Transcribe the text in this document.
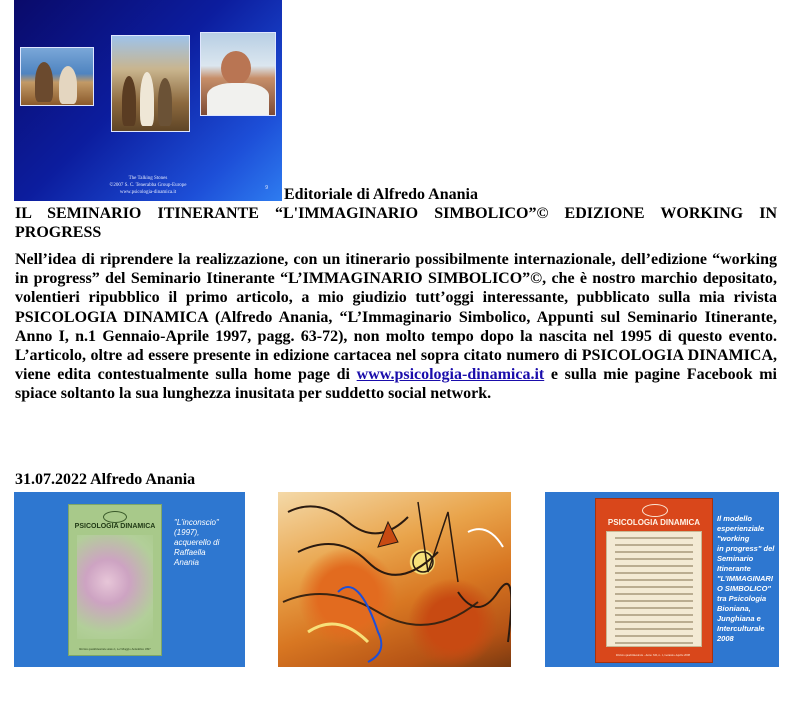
The Talking Stones
©2007 S. C. Tenerabba Group-Europe
www.psicologia-dinamica.it
9 Editoriale di Alfredo Anania
IL SEMINARIO ITINERANTE “L'IMMAGINARIO SIMBOLICO”© EDIZIONE WORKING IN PROGRESS
Nell’idea di riprendere la realizzazione, con un itinerario possibilmente internazionale, dell’edizione “working in progress” del Seminario Itinerante “L’IMMAGINARIO SIMBOLICO”©, che è nostro marchio depositato, volentieri ripubblico il primo articolo, a mio giudizio tutt’oggi interessante, pubblicato sulla mia rivista PSICOLOGIA DINAMICA (Alfredo Anania, “L’Immaginario Simbolico, Appunti sul Seminario Itinerante, Anno I, n.1 Gennaio-Aprile 1997, pagg. 63-72), non molto tempo dopo la nascita nel 1995 di questo evento. L’articolo, oltre ad essere presente in edizione cartacea nel sopra citato numero di PSICOLOGIA DINAMICA, viene edita contestualmente sulla home page di www.psicologia-dinamica.it e sulla mie pagine Facebook mi spiace soltanto la sua lunghezza inusitata per suddetto social network.
31.07.2022 Alfredo Anania
PSICOLOGIA DINAMICA
Rivista quadrimestrale Anno I, n.2 Maggio-Settembre 1997
"L’inconscio"
(1997),
acquerello di
Raffaella
Anania
PSICOLOGIA DINAMICA
Rivista quadrimestrale - Anno XII, n. 1, Gennaio-Aprile 2008
Il modello
esperienziale
"working
in progress" del
Seminario
Itinerante
"L’IMMAGINARI
O SIMBOLICO"
tra Psicologia
Bioniana,
Junghiana e
Interculturale
2008
